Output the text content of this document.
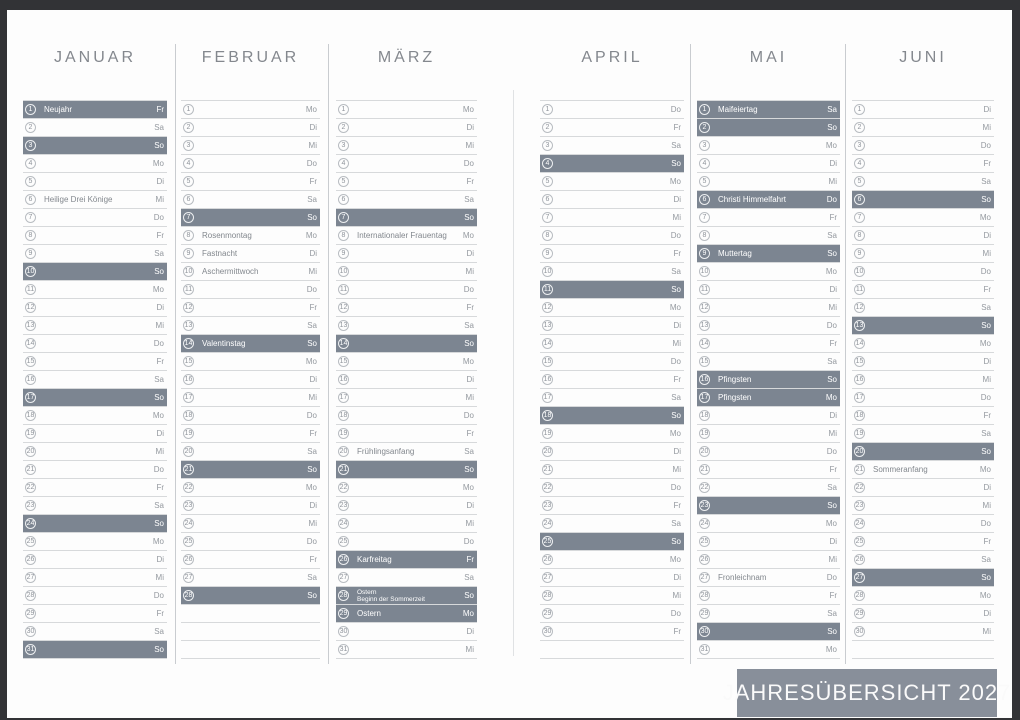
JANUAR
1	Neujahr	Fr
2	Sa
3	So
4	Mo
5	Di
6	Heilige Drei Könige	Mi
7	Do
8	Fr
9	Sa
10	So
11	Mo
12	Di
13	Mi
14	Do
15	Fr
16	Sa
17	So
18	Mo
19	Di
20	Mi
21	Do
22	Fr
23	Sa
24	So
25	Mo
26	Di
27	Mi
28	Do
29	Fr
30	Sa
31	So
FEBRUAR
1	Mo
2	Di
3	Mi
4	Do
5	Fr
6	Sa
7	So
8	Rosenmontag	Mo
9	Fastnacht	Di
10 Aschermittwoch	Mi
11	Do
12	Fr
13	Sa
14 Valentinstag	So
15	Mo
16	Di
17	Mi
18	Do
19	Fr
20	Sa
21	So
22	Mo
23	Di
24	Mi
25	Do
26	Fr
27	Sa
28	So
MÄRZ
1	Mo
2	Di
3	Mi
4	Do
5	Fr
6	Sa
7	So
8	Internationaler Frauentag Mo
9	Di
10	Mi
11	Do
12	Fr
13	Sa
14	So
15	Mo
16	Di
17	Mi
18	Do
19	Fr
20 Frühlingsanfang	Sa
21	So
22	Mo
23	Di
24	Mi
25	Do
26 Karfreitag	Fr
27	Sa
28 Ostern
Beginn der Sommerzeit	So
29 Ostern	Mo
30	Di
31	Mi
APRIL
1	Do
2	Fr
3	Sa
4	So
5	Mo
6	Di
7	Mi
8	Do
9	Fr
10	Sa
11	So
12	Mo
13	Di
14	Mi
15	Do
16	Fr
17	Sa
18	So
19	Mo
20	Di
21	Mi
22	Do
23	Fr
24	Sa
25	So
26	Mo
27	Di
28	Mi
29	Do
30	Fr
MAI
1	Maifeiertag	Sa
2	So
3	Mo
4	Di
5	Mi
6	Christi Himmelfahrt	Do
7	Fr
8	Sa
9	Muttertag	So
10	Mo
11	Di
12	Mi
13	Do
14	Fr
15	Sa
16 Pfingsten	So
17 Pfingsten	Mo
18	Di
19	Mi
20	Do
21	Fr
22	Sa
23	So
24	Mo
25	Di
26	Mi
27 Fronleichnam	Do
28	Fr
29	Sa
30	So
31	Mo
JUNI
1	Di
2	Mi
3	Do
4	Fr
5	Sa
6	So
7	Mo
8	Di
9	Mi
10	Do
11	Fr
12	Sa
13	So
14	Mo
15	Di
16	Mi
17	Do
18	Fr
19	Sa
20	So
21 Sommeranfang	Mo
22	Di
23	Mi
24	Do
25	Fr
26	Sa
27	So
28	Mo
29	Di
30	Mi
JAHRESÜBERSICHT 2027
